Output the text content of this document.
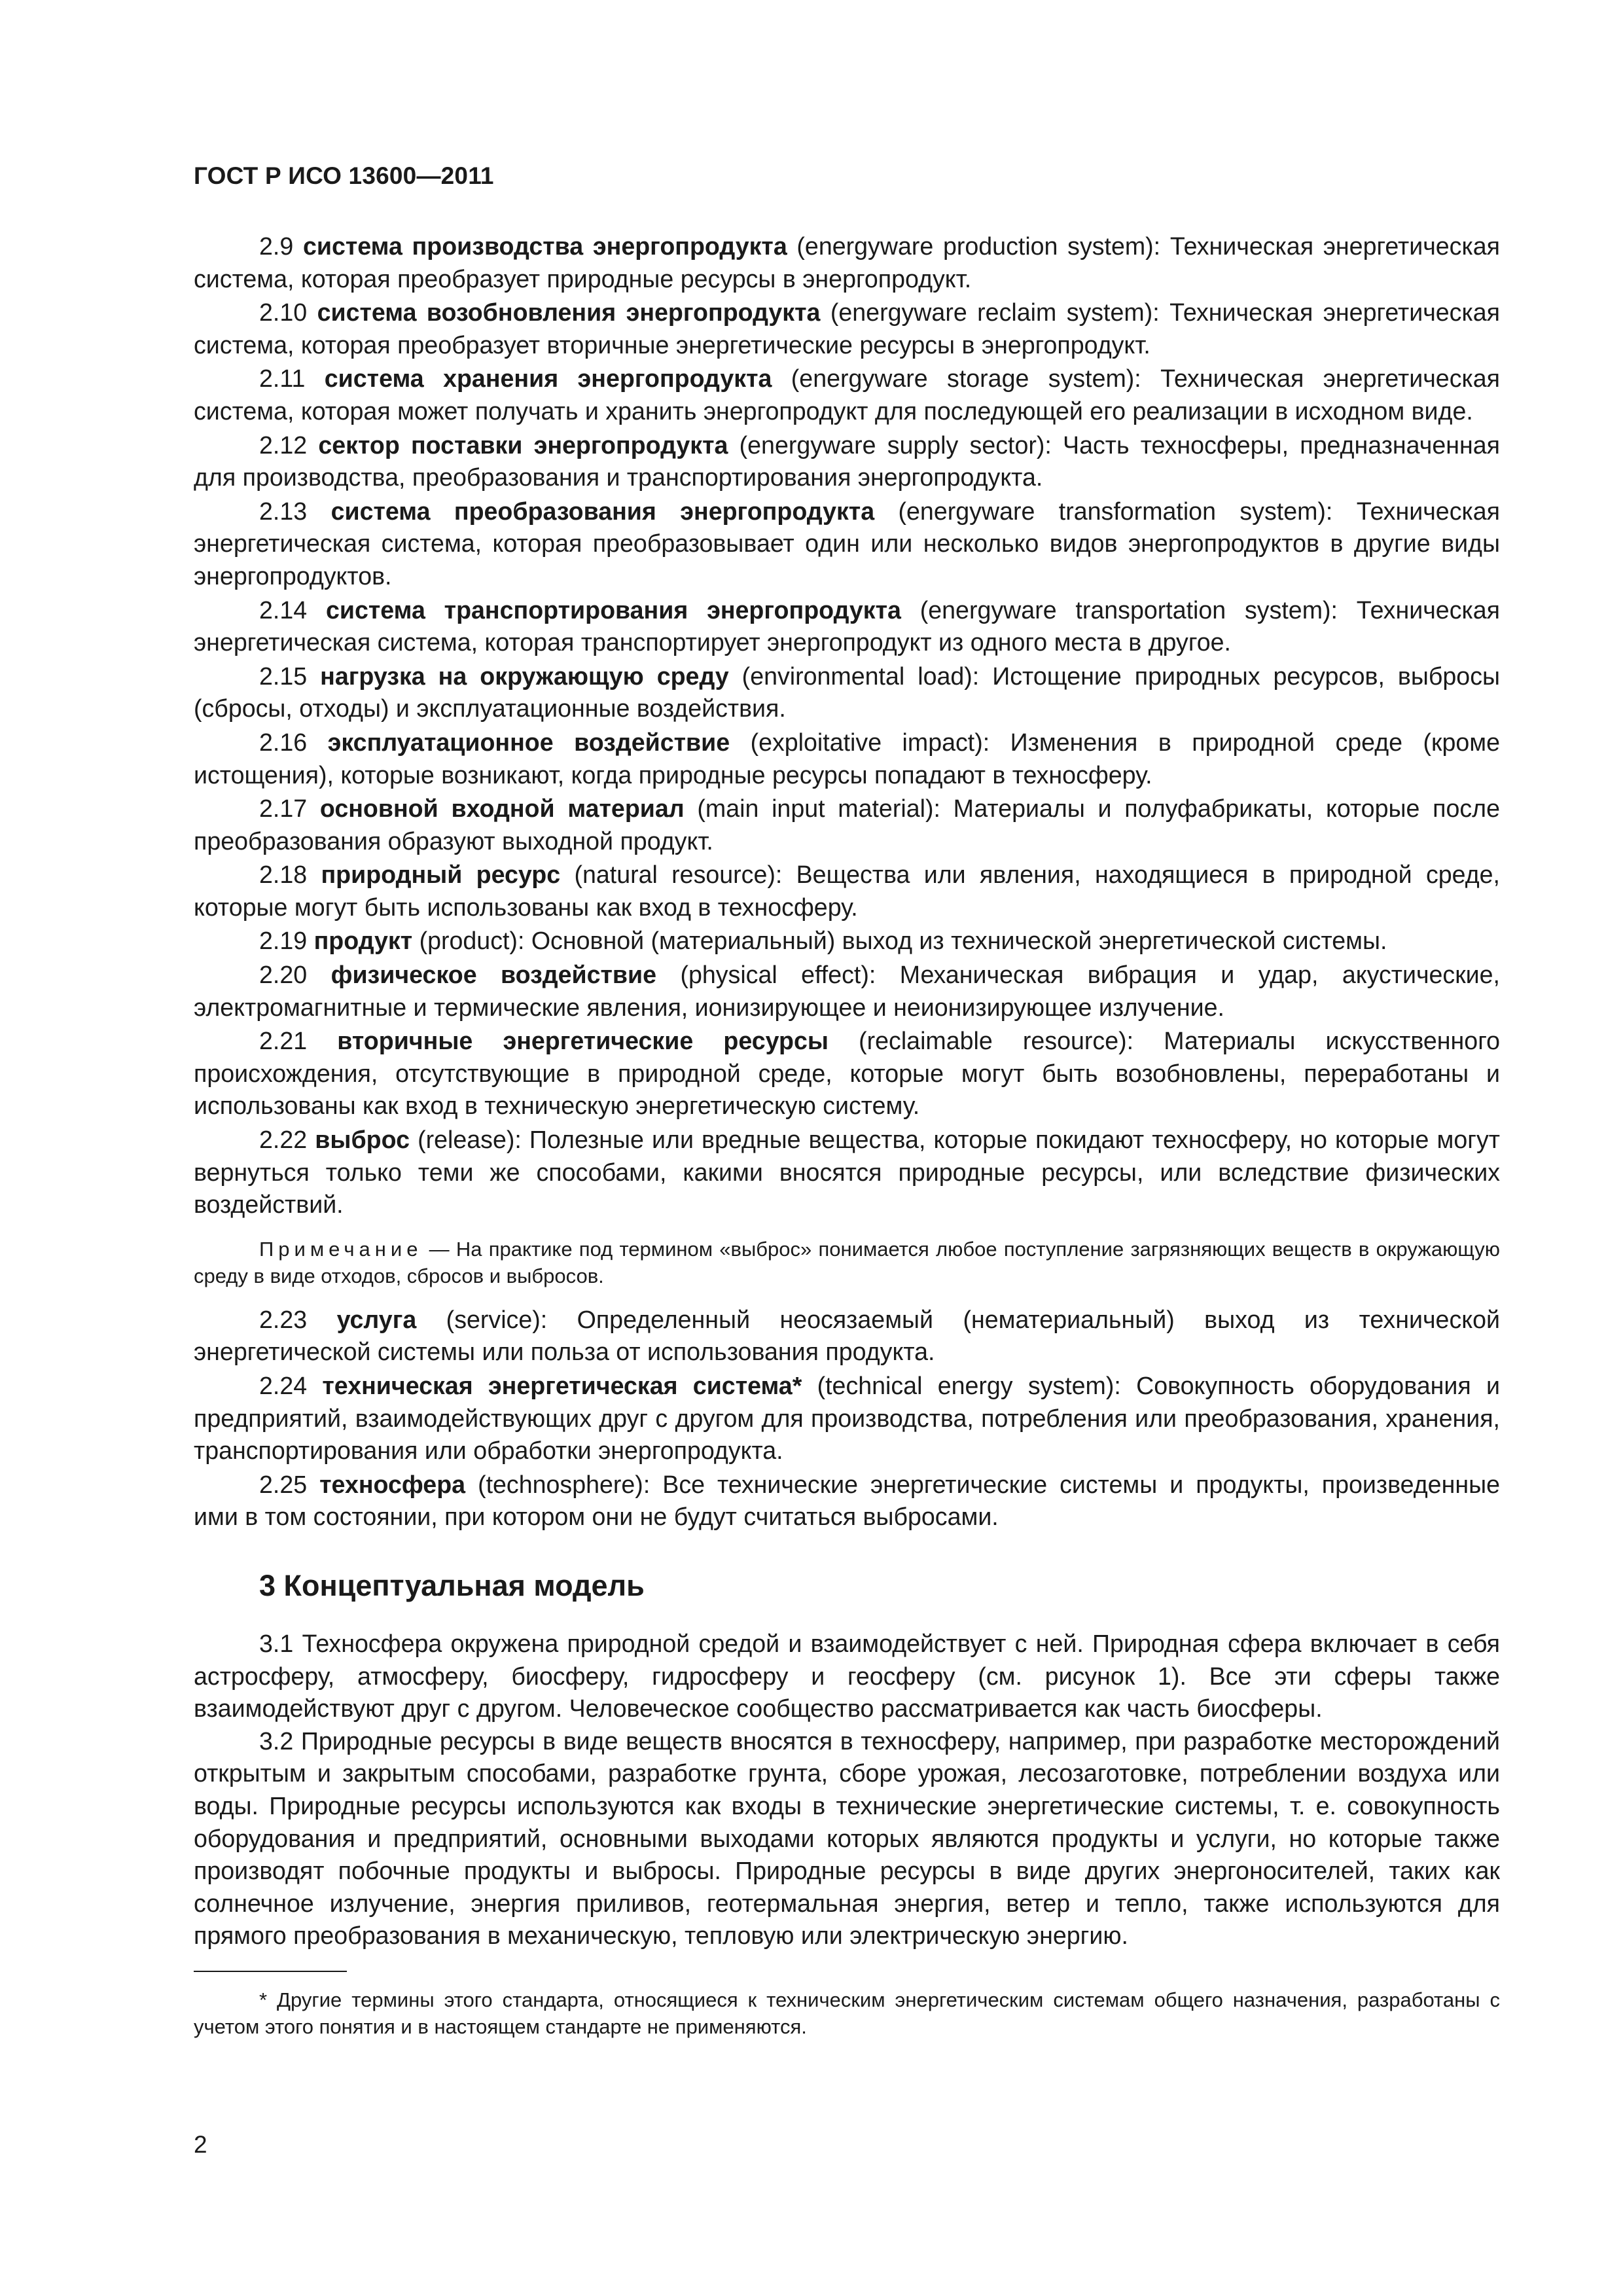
ГОСТ Р ИСО 13600—2011

2.9 система производства энергопродукта (energyware production system): Техническая энергетическая система, которая преобразует природные ресурсы в энергопродукт.

2.10 система возобновления энергопродукта (energyware reclaim system): Техническая энергетическая система, которая преобразует вторичные энергетические ресурсы в энергопродукт.

2.11 система хранения энергопродукта (energyware storage system): Техническая энергетическая система, которая может получать и хранить энергопродукт для последующей его реализации в исходном виде.

2.12 сектор поставки энергопродукта (energyware supply sector): Часть техносферы, предназначенная для производства, преобразования и транспортирования энергопродукта.

2.13 система преобразования энергопродукта (energyware transformation system): Техническая энергетическая система, которая преобразовывает один или несколько видов энергопродуктов в другие виды энергопродуктов.

2.14 система транспортирования энергопродукта (energyware transportation system): Техническая энергетическая система, которая транспортирует энергопродукт из одного места в другое.

2.15 нагрузка на окружающую среду (environmental load): Истощение природных ресурсов, выбросы (сбросы, отходы) и эксплуатационные воздействия.

2.16 эксплуатационное воздействие (exploitative impact): Изменения в природной среде (кроме истощения), которые возникают, когда природные ресурсы попадают в техносферу.

2.17 основной входной материал (main input material): Материалы и полуфабрикаты, которые после преобразования образуют выходной продукт.

2.18 природный ресурс (natural resource): Вещества или явления, находящиеся в природной среде, которые могут быть использованы как вход в техносферу.

2.19 продукт (product): Основной (материальный) выход из технической энергетической системы.

2.20 физическое воздействие (physical effect): Механическая вибрация и удар, акустические, электромагнитные и термические явления, ионизирующее и неионизирующее излучение.

2.21 вторичные энергетические ресурсы (reclaimable resource): Материалы искусственного происхождения, отсутствующие в природной среде, которые могут быть возобновлены, переработаны и использованы как вход в техническую энергетическую систему.

2.22 выброс (release): Полезные или вредные вещества, которые покидают техносферу, но которые могут вернуться только теми же способами, какими вносятся природные ресурсы, или вследствие физических воздействий.

Примечание — На практике под термином «выброс» понимается любое поступление загрязняющих веществ в окружающую среду в виде отходов, сбросов и выбросов.

2.23 услуга (service): Определенный неосязаемый (нематериальный) выход из технической энергетической системы или польза от использования продукта.

2.24 техническая энергетическая система* (technical energy system): Совокупность оборудования и предприятий, взаимодействующих друг с другом для производства, потребления или преобразования, хранения, транспортирования или обработки энергопродукта.

2.25 техносфера (technosphere): Все технические энергетические системы и продукты, произведенные ими в том состоянии, при котором они не будут считаться выбросами.

3 Концептуальная модель

3.1 Техносфера окружена природной средой и взаимодействует с ней. Природная сфера включает в себя астросферу, атмосферу, биосферу, гидросферу и геосферу (см. рисунок 1). Все эти сферы также взаимодействуют друг с другом. Человеческое сообщество рассматривается как часть биосферы.

3.2 Природные ресурсы в виде веществ вносятся в техносферу, например, при разработке месторождений открытым и закрытым способами, разработке грунта, сборе урожая, лесозаготовке, потреблении воздуха или воды. Природные ресурсы используются как входы в технические энергетические системы, т. е. совокупность оборудования и предприятий, основными выходами которых являются продукты и услуги, но которые также производят побочные продукты и выбросы. Природные ресурсы в виде других энергоносителей, таких как солнечное излучение, энергия приливов, геотермальная энергия, ветер и тепло, также используются для прямого преобразования в механическую, тепловую или электрическую энергию.

* Другие термины этого стандарта, относящиеся к техническим энергетическим системам общего назначения, разработаны с учетом этого понятия и в настоящем стандарте не применяются.

2
